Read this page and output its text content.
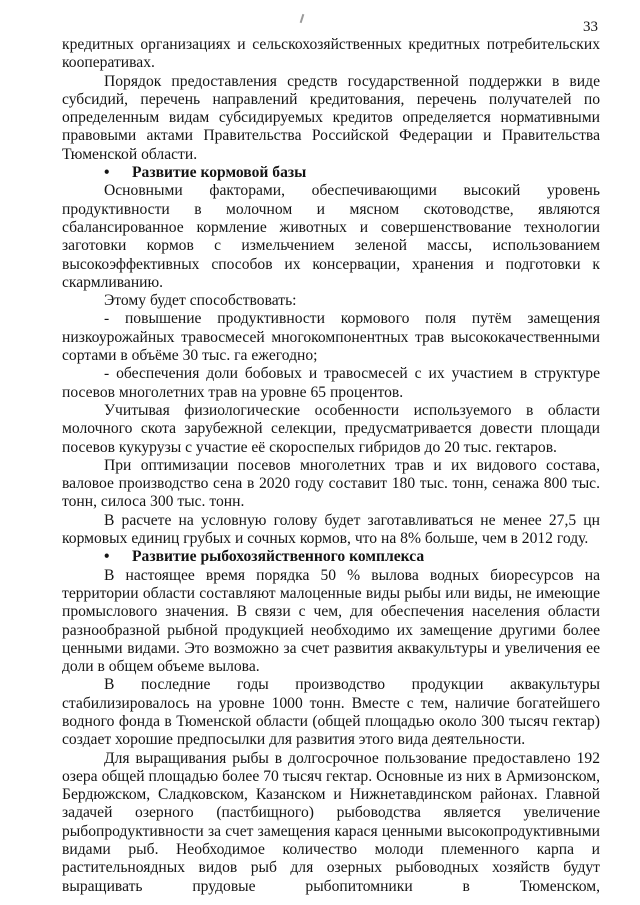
33

кредитных организациях и сельскохозяйственных кредитных потребительских кооперативах.

Порядок предоставления средств государственной поддержки в виде субсидий, перечень направлений кредитования, перечень получателей по определенным видам субсидируемых кредитов определяется нормативными правовыми актами Правительства Российской Федерации и Правительства Тюменской области.

•	Развитие кормовой базы

Основными факторами, обеспечивающими высокий уровень продуктивности в молочном и мясном скотоводстве, являются сбалансированное кормление животных и совершенствование технологии заготовки кормов с измельчением зеленой массы, использованием высокоэффективных способов их консервации, хранения и подготовки к скармливанию.

Этому будет способствовать:

- повышение продуктивности кормового поля путём замещения низкоурожайных травосмесей многокомпонентных трав высококачественными сортами в объёме 30 тыс. га ежегодно;

- обеспечения доли бобовых и травосмесей с их участием в структуре посевов многолетних трав на уровне 65 процентов.

Учитывая физиологические особенности используемого в области молочного скота зарубежной селекции, предусматривается довести площади посевов кукурузы с участие её скороспелых гибридов до 20 тыс. гектаров.

При оптимизации посевов многолетних трав и их видового состава, валовое производство сена в 2020 году составит 180 тыс. тонн, сенажа 800 тыс. тонн, силоса 300 тыс. тонн.

В расчете на условную голову будет заготавливаться не менее 27,5 цн кормовых единиц грубых и сочных кормов, что на 8% больше, чем в 2012 году.

•	Развитие рыбохозяйственного комплекса

В настоящее время порядка 50 % вылова водных биоресурсов на территории области составляют малоценные виды рыбы или виды, не имеющие промыслового значения. В связи с чем, для обеспечения населения области разнообразной рыбной продукцией необходимо их замещение другими более ценными видами. Это возможно за счет развития аквакультуры и увеличения ее доли в общем объеме вылова.

В последние годы производство продукции аквакультуры стабилизировалось на уровне 1000 тонн. Вместе с тем, наличие богатейшего водного фонда в Тюменской области (общей площадью около 300 тысяч гектар) создает хорошие предпосылки для развития этого вида деятельности.

Для выращивания рыбы в долгосрочное пользование предоставлено 192 озера общей площадью более 70 тысяч гектар. Основные из них в Армизонском, Бердюжском, Сладковском, Казанском и Нижнетавдинском районах. Главной задачей озерного (пастбищного) рыбоводства является увеличение рыбопродуктивности за счет замещения карася ценными высокопродуктивными видами рыб. Необходимое количество молоди племенного карпа и растительноядных видов рыб для озерных рыбоводных хозяйств будут выращивать прудовые рыбопитомники в Тюменском,
